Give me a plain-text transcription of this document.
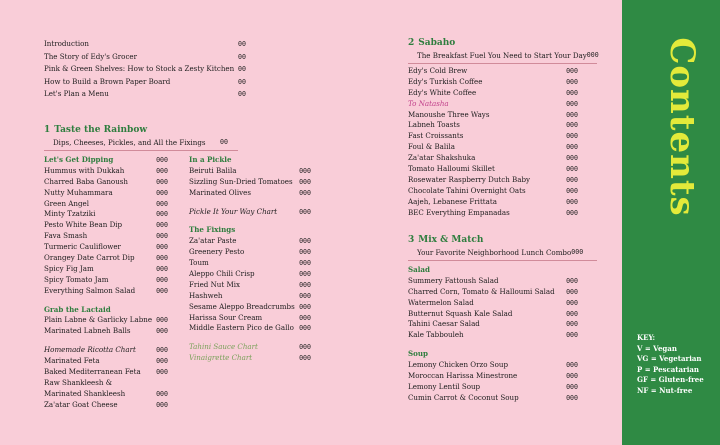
Introduction	00
The Story of Edy's Grocer	00
Pink & Green Shelves: How to Stock a Zesty Kitchen 00
How to Build a Brown Paper Board	00
Let's Plan a Menu	00
1 Taste the Rainbow
Dips, Cheeses, Pickles, and All the Fixings 00
Let's Get Dipping	000
Hummus with Dukkah	000
Charred Baba Ganoush	000
Nutty Muhammara	000
Green Angel	000
Minty Tzatziki	000
Pesto White Bean Dip	000
Fava Smash	000
Turmeric Cauliflower	000
Orangey Date Carrot Dip	000
Spicy Fig Jam	000
Spicy Tomato Jam	000
Everything Salmon Salad	000
Grab the Lactaid
Plain Labne & Garlicky Labne 000
Marinated Labneh Balls	000
Homemade Ricotta Chart	000
Marinated Feta	000
Baked Mediterranean Feta 000
Raw Shankleesh &
Marinated Shankleesh	000
Za'atar Goat Cheese	000
In a Pickle
Beiruti Balila	000
Sizzling Sun-Dried Tomatoes 000
Marinated Olives	000
Pickle It Your Way Chart	000
The Fixings
Za'atar Paste	000
Greenery Pesto	000
Toum	000
Aleppo Chili Crisp	000
Fried Nut Mix	000
Hashweh	000
Sesame Aleppo Breadcrumbs 000
Harissa Sour Cream	000
Middle Eastern Pico de Gallo 000
Tahini Sauce Chart	000
Vinaigrette Chart	000
2 Sabaho
The Breakfast Fuel You Need to Start Your Day 000
Edy's Cold Brew	000
Edy's Turkish Coffee	000
Edy's White Coffee	000
To Natasha	000
Manoushe Three Ways	000
Labneh Toasts	000
Fast Croissants	000
Foul & Balila	000
Za'atar Shakshuka	000
Tomato Halloumi Skillet	000
Rosewater Raspberry Dutch Baby	000
Chocolate Tahini Overnight Oats	000
Aajeh, Lebanese Frittata	000
BEC Everything Empanadas	000
3 Mix & Match
Your Favorite Neighborhood Lunch Combo 000
Salad
Summery Fattoush Salad	000
Charred Corn, Tomato & Halloumi Salad 000
Watermelon Salad	000
Butternut Squash Kale Salad	000
Tahini Caesar Salad	000
Kale Tabbouleh	000
Soup
Lemony Chicken Orzo Soup	000
Moroccan Harissa Minestrone	000
Lemony Lentil Soup	000
Cumin Carrot & Coconut Soup	000
Contents
KEY:
V = Vegan
VG = Vegetarian
P = Pescatarian
GF = Gluten-free
NF = Nut-free
